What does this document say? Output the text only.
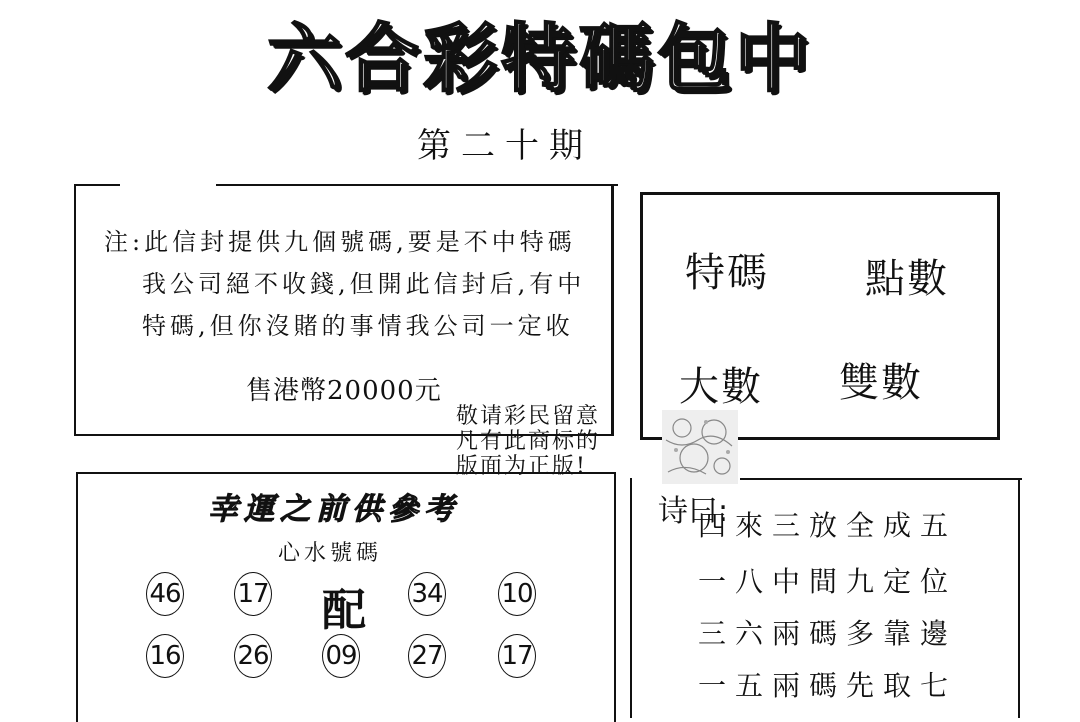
六合彩特碼包中
第二十期
注:此信封提供九個號碼,要是不中特碼
我公司絕不收錢,但開此信封后,有中
特碼,但你沒賭的事情我公司一定收
售港幣20000元
特碼 點數
大數 雙數
敬请彩民留意
凡有此商标的
版面为正版!
幸運之前供參考
心水號碼
46 17 配 34 10
16 26 09 27 17
诗曰:
四來三放全成五
一八中間九定位
三六兩碼多靠邊
一五兩碼先取七
